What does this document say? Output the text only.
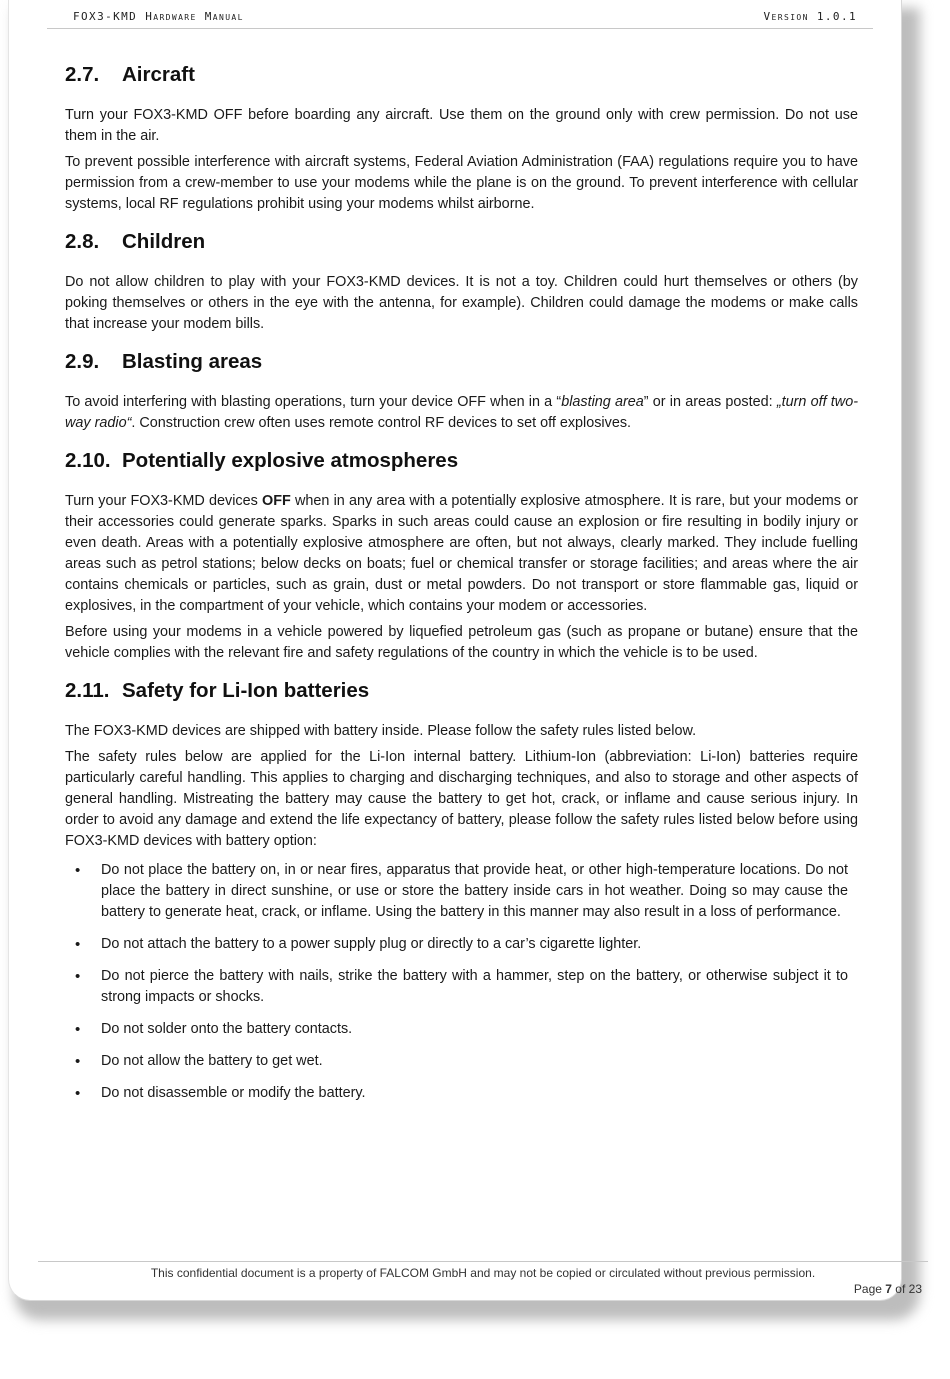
FOX3-KMD Hardware Manual	Version 1.0.1
2.7.	Aircraft

Turn your FOX3-KMD OFF before boarding any aircraft. Use them on the ground only with crew permission. Do not use them in the air.

To prevent possible interference with aircraft systems, Federal Aviation Administration (FAA) regulations require you to have permission from a crew-member to use your modems while the plane is on the ground. To prevent interference with cellular systems, local RF regulations prohibit using your modems whilst airborne.

2.8.	Children

Do not allow children to play with your FOX3-KMD devices. It is not a toy. Children could hurt themselves or others (by poking themselves or others in the eye with the antenna, for example). Children could damage the modems or make calls that increase your modem bills.

2.9.	Blasting areas

To avoid interfering with blasting operations, turn your device OFF when in a “blasting area” or in areas posted: „turn off two-way radio“. Construction crew often uses remote control RF devices to set off explosives.

2.10. Potentially explosive atmospheres

Turn your FOX3-KMD devices OFF when in any area with a potentially explosive atmosphere. It is rare, but your modems or their accessories could generate sparks. Sparks in such areas could cause an explosion or fire resulting in bodily injury or even death. Areas with a potentially explosive atmosphere are often, but not always, clearly marked. They include fuelling areas such as petrol stations; below decks on boats; fuel or chemical transfer or storage facilities; and areas where the air contains chemicals or particles, such as grain, dust or metal powders. Do not transport or store flammable gas, liquid or explosives, in the compartment of your vehicle, which contains your modem or accessories.

Before using your modems in a vehicle powered by liquefied petroleum gas (such as propane or butane) ensure that the vehicle complies with the relevant fire and safety regulations of the country in which the vehicle is to be used.

2.11. Safety for Li-Ion batteries

The FOX3-KMD devices are shipped with battery inside. Please follow the safety rules listed below.

The safety rules below are applied for the Li-Ion internal battery. Lithium-Ion (abbreviation: Li-Ion) batteries require particularly careful handling. This applies to charging and discharging techniques, and also to storage and other aspects of general handling. Mistreating the battery may cause the battery to get hot, crack, or inflame and cause serious injury. In order to avoid any damage and extend the life expectancy of battery, please follow the safety rules listed below before using FOX3-KMD devices with battery option:

• Do not place the battery on, in or near fires, apparatus that provide heat, or other high-temperature locations. Do not place the battery in direct sunshine, or use or store the battery inside cars in hot weather. Doing so may cause the battery to generate heat, crack, or inflame. Using the battery in this manner may also result in a loss of performance.
• Do not attach the battery to a power supply plug or directly to a car’s cigarette lighter.
• Do not pierce the battery with nails, strike the battery with a hammer, step on the battery, or otherwise subject it to strong impacts or shocks.
• Do not solder onto the battery contacts.
• Do not allow the battery to get wet.
• Do not disassemble or modify the battery.
This confidential document is a property of FALCOM GmbH and may not be copied or circulated without previous permission.
Page 7 of 23
